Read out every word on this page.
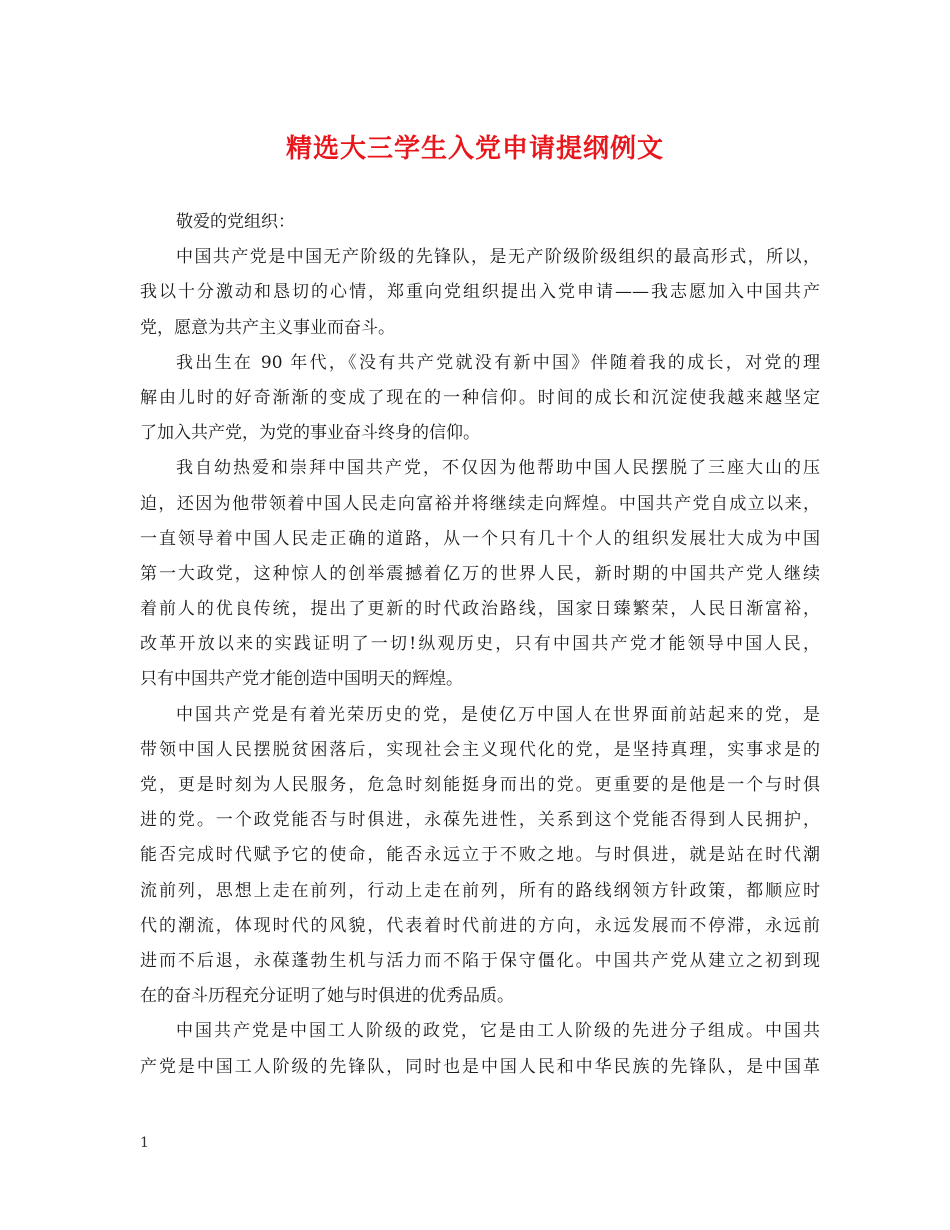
精选大三学生入党申请提纲例文
敬爱的党组织：
中国共产党是中国无产阶级的先锋队，是无产阶级阶级组织的最高形式，所以，
我以十分激动和恳切的心情，郑重向党组织提出入党申请——我志愿加入中国共产
党，愿意为共产主义事业而奋斗。
我出生在 90 年代，《没有共产党就没有新中国》伴随着我的成长，对党的理
解由儿时的好奇渐渐的变成了现在的一种信仰。时间的成长和沉淀使我越来越坚定
了加入共产党，为党的事业奋斗终身的信仰。
我自幼热爱和崇拜中国共产党，不仅因为他帮助中国人民摆脱了三座大山的压
迫，还因为他带领着中国人民走向富裕并将继续走向辉煌。中国共产党自成立以来，
一直领导着中国人民走正确的道路，从一个只有几十个人的组织发展壮大成为中国
第一大政党，这种惊人的创举震撼着亿万的世界人民，新时期的中国共产党人继续
着前人的优良传统，提出了更新的时代政治路线，国家日臻繁荣，人民日渐富裕，
改革开放以来的实践证明了一切!纵观历史，只有中国共产党才能领导中国人民，
只有中国共产党才能创造中国明天的辉煌。
中国共产党是有着光荣历史的党，是使亿万中国人在世界面前站起来的党，是
带领中国人民摆脱贫困落后，实现社会主义现代化的党，是坚持真理，实事求是的
党，更是时刻为人民服务，危急时刻能挺身而出的党。更重要的是他是一个与时俱
进的党。一个政党能否与时俱进，永葆先进性，关系到这个党能否得到人民拥护，
能否完成时代赋予它的使命，能否永远立于不败之地。与时俱进，就是站在时代潮
流前列，思想上走在前列，行动上走在前列，所有的路线纲领方针政策，都顺应时
代的潮流，体现时代的风貌，代表着时代前进的方向，永远发展而不停滞，永远前
进而不后退，永葆蓬勃生机与活力而不陷于保守僵化。中国共产党从建立之初到现
在的奋斗历程充分证明了她与时俱进的优秀品质。
中国共产党是中国工人阶级的政党，它是由工人阶级的先进分子组成。中国共
产党是中国工人阶级的先锋队，同时也是中国人民和中华民族的先锋队，是中国革
1
